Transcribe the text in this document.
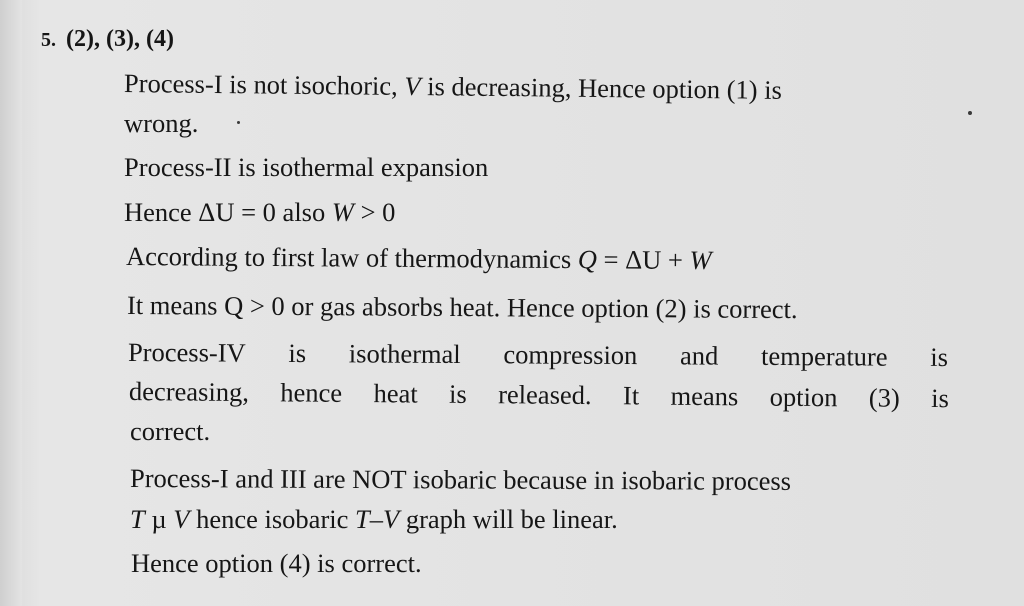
5. (2), (3), (4)
Process-I is not isochoric, V is decreasing, Hence option (1) is
wrong.
Process-II is isothermal expansion
Hence ΔU = 0 also W > 0
According to first law of thermodynamics Q = ΔU + W
It means Q > 0 or gas absorbs heat. Hence option (2) is correct.
Process-IV is isothermal compression and temperature is
decreasing, hence heat is released. It means option (3) is
correct.
Process-I and III are NOT isobaric because in isobaric process
T µ V hence isobaric T–V graph will be linear.
Hence option (4) is correct.
